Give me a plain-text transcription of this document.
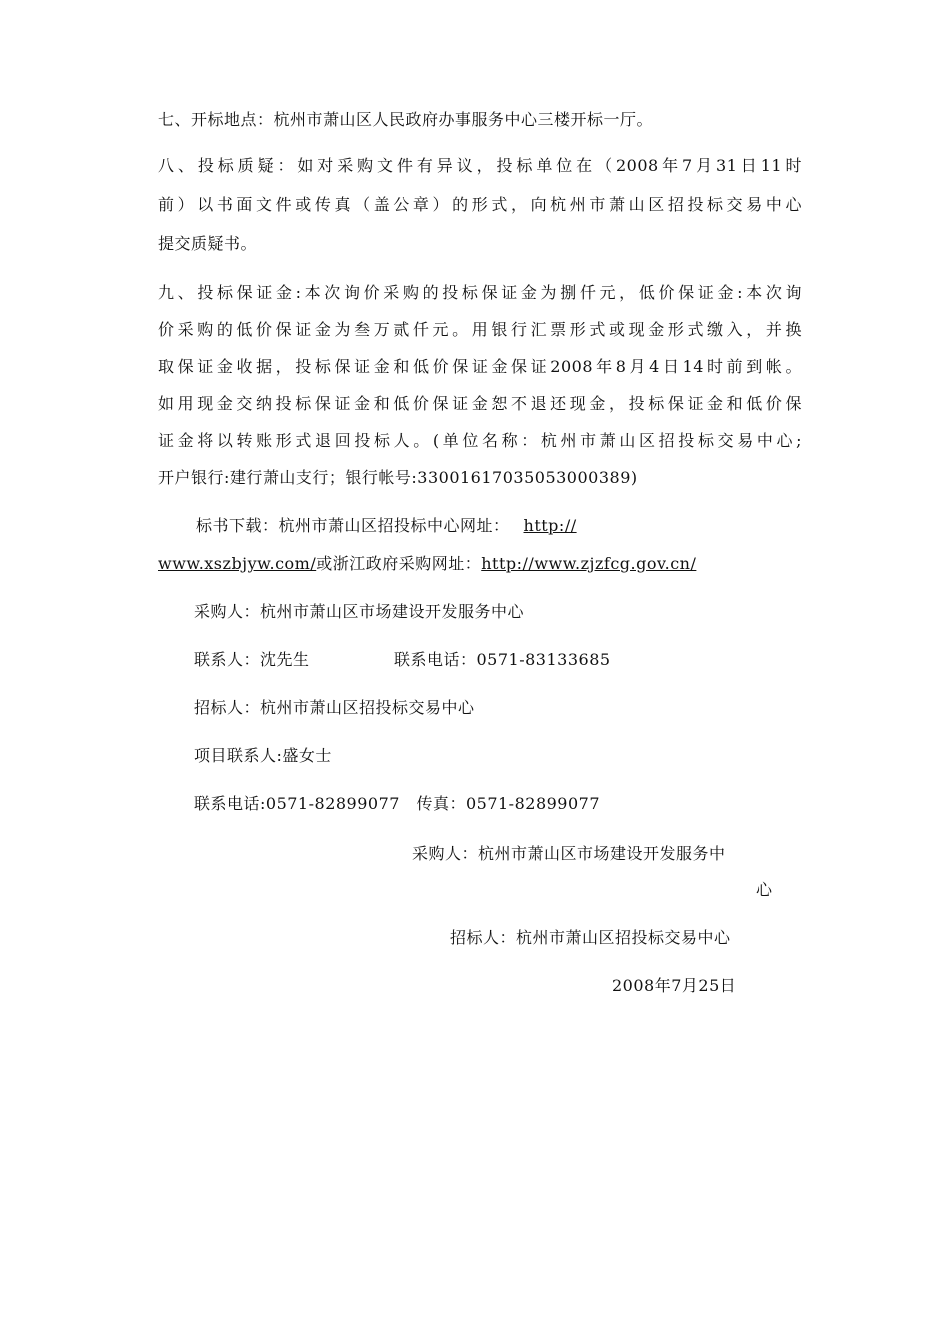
七、开标地点：杭州市萧山区人民政府办事服务中心三楼开标一厅。
八、投标质疑：如对采购文件有异议，投标单位在（2008年7月31日11时
前）以书面文件或传真（盖公章）的形式，向杭州市萧山区招投标交易中心
提交质疑书。
九、投标保证金:本次询价采购的投标保证金为捌仟元，低价保证金:本次询
价采购的低价保证金为叁万贰仟元。用银行汇票形式或现金形式缴入，并换
取保证金收据，投标保证金和低价保证金保证2008年8月4日14时前到帐。
如用现金交纳投标保证金和低价保证金恕不退还现金，投标保证金和低价保
证金将以转账形式退回投标人。(单位名称：杭州市萧山区招投标交易中心;
开户银行:建行萧山支行；银行帐号:33001617035053000389)
标书下载：杭州市萧山区招投标中心网址： http://
www.xszbjyw.com/或浙江政府采购网址：http://www.zjzfcg.gov.cn/
采购人：杭州市萧山区市场建设开发服务中心
联系人：沈先生	联系电话：0571-83133685
招标人：杭州市萧山区招投标交易中心
项目联系人:盛女士
联系电话:0571-82899077　传真：0571-82899077
采购人：杭州市萧山区市场建设开发服务中
心
招标人：杭州市萧山区招投标交易中心
2008年7月25日
